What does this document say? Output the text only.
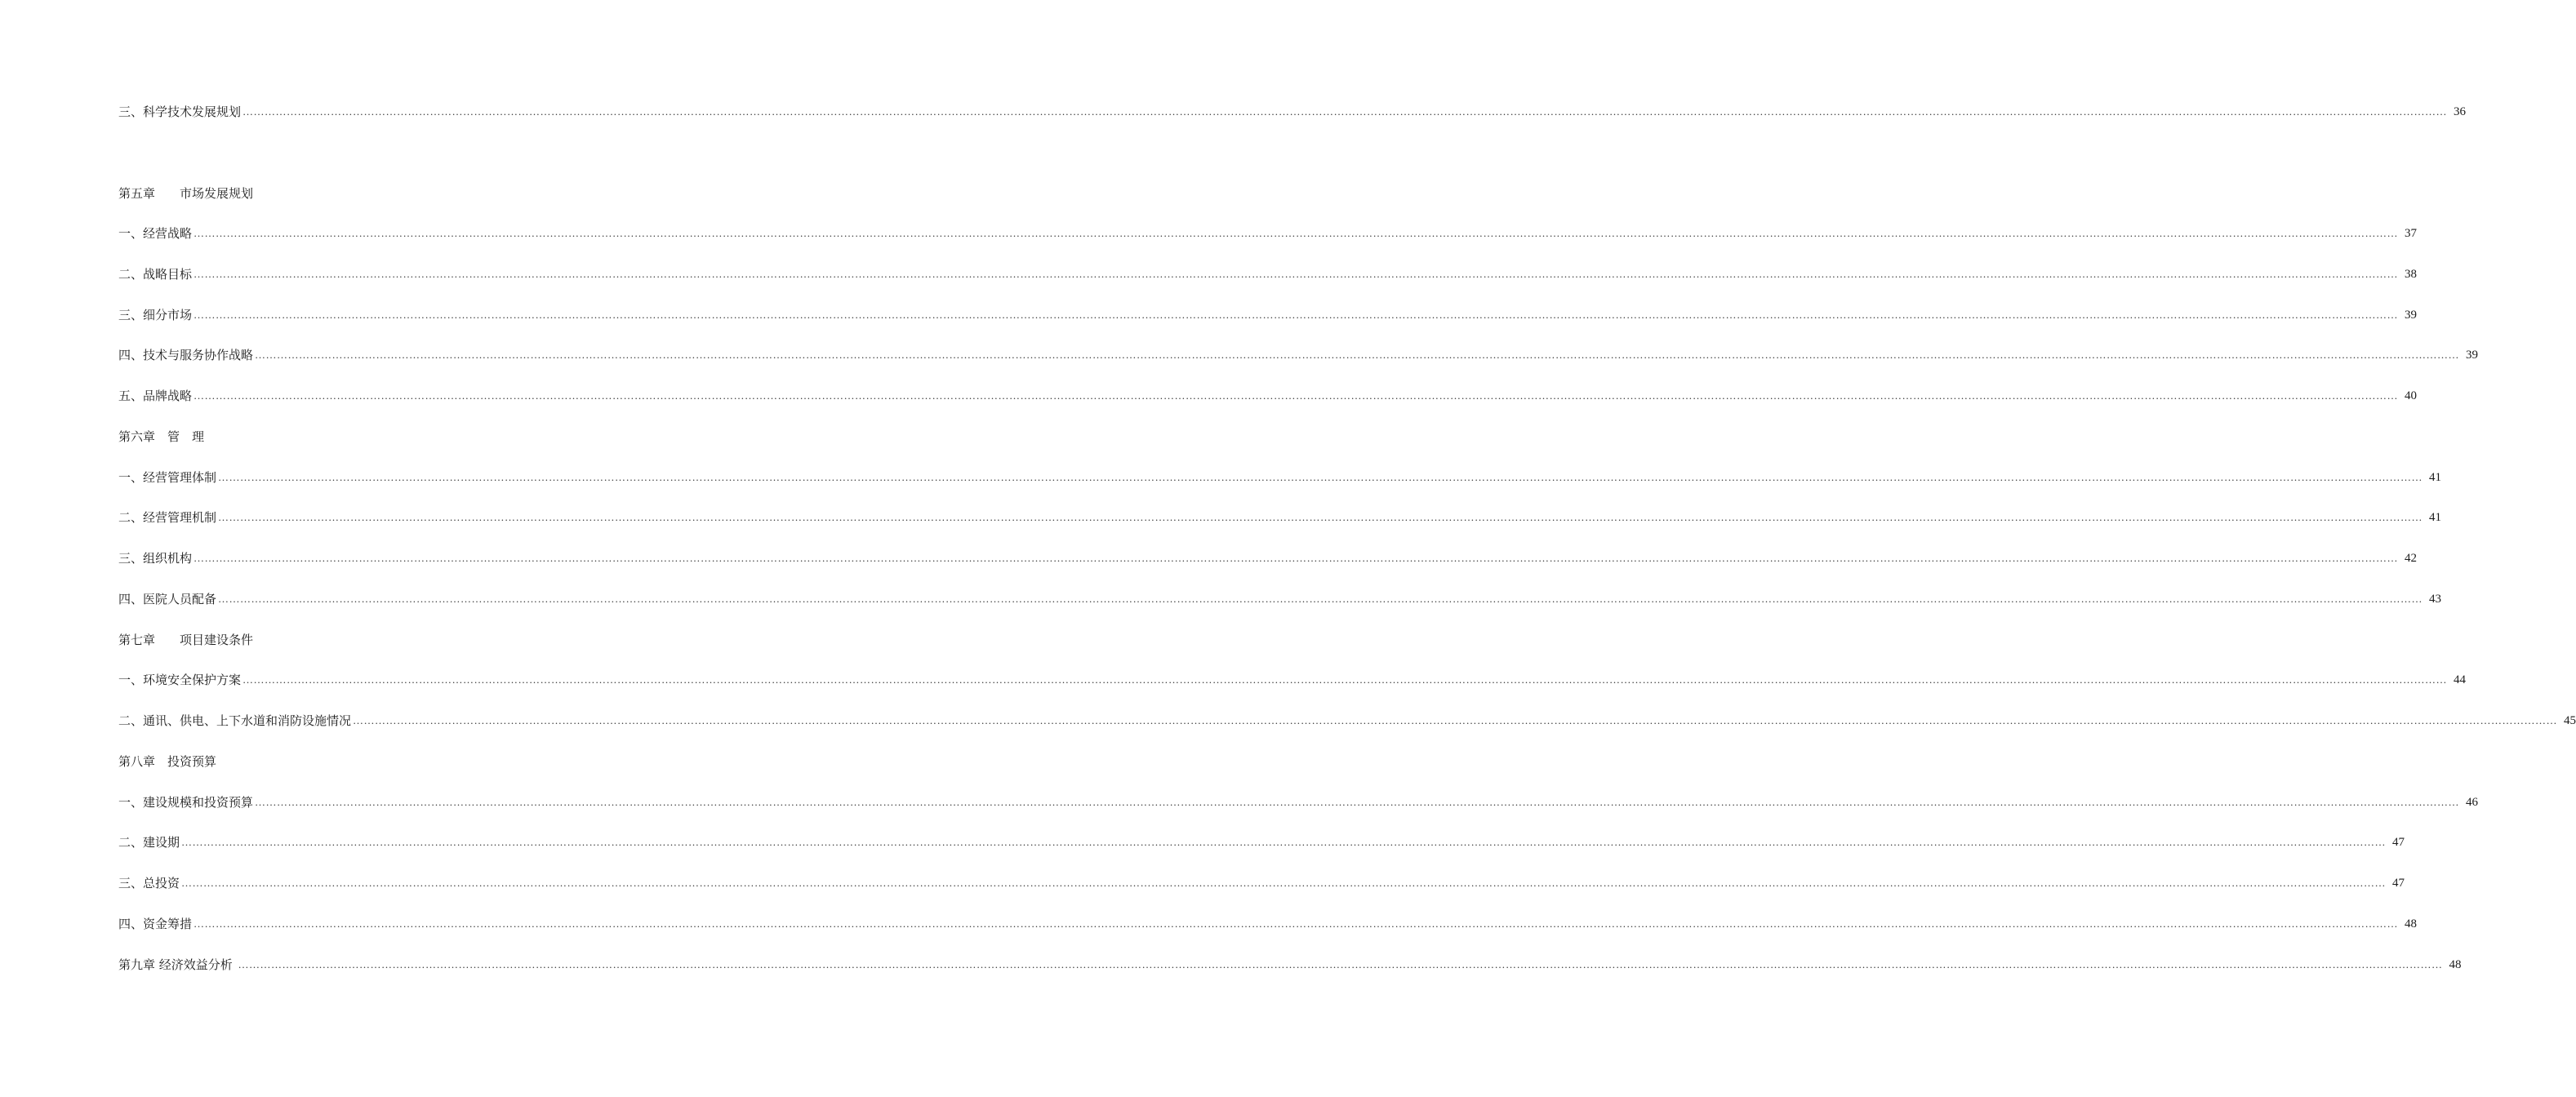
三、科学技术发展规划 …………………………………………………………………………………………………………………………………………………………………………………………………………………………………………………………………………………………………………………………………………………………………………………………………………………………………………………………………………………………………………………………………………………… 36
第五章　　市场发展规划
一、经营战略 …………………………………………………………………………………………………………………………………………………………………………………………………………………………………………………………………………………………………………………………………………………………………………………………………………………………………………………………………………………………………………………………………………………… 37
二、战略目标 …………………………………………………………………………………………………………………………………………………………………………………………………………………………………………………………………………………………………………………………………………………………………………………………………………………………………………………………………………………………………………………………………………………… 38
三、细分市场 …………………………………………………………………………………………………………………………………………………………………………………………………………………………………………………………………………………………………………………………………………………………………………………………………………………………………………………………………………………………………………………………………………………… 39
四、技术与服务协作战略 …………………………………………………………………………………………………………………………………………………………………………………………………………………………………………………………………………………………………………………………………………………………………………………………………………………………………………………………………………………………………………………………………………………… 39
五、品牌战略 …………………………………………………………………………………………………………………………………………………………………………………………………………………………………………………………………………………………………………………………………………………………………………………………………………………………………………………………………………………………………………………………………………………… 40
第六章　管　理
一、经营管理体制 …………………………………………………………………………………………………………………………………………………………………………………………………………………………………………………………………………………………………………………………………………………………………………………………………………………………………………………………………………………………………………………………………………………… 41
二、经营管理机制 …………………………………………………………………………………………………………………………………………………………………………………………………………………………………………………………………………………………………………………………………………………………………………………………………………………………………………………………………………………………………………………………………………………… 41
三、组织机构 …………………………………………………………………………………………………………………………………………………………………………………………………………………………………………………………………………………………………………………………………………………………………………………………………………………………………………………………………………………………………………………………………………………… 42
四、医院人员配备 …………………………………………………………………………………………………………………………………………………………………………………………………………………………………………………………………………………………………………………………………………………………………………………………………………………………………………………………………………………………………………………………………………………… 43
第七章　　项目建设条件
一、环境安全保护方案 …………………………………………………………………………………………………………………………………………………………………………………………………………………………………………………………………………………………………………………………………………………………………………………………………………………………………………………………………………………………………………………………………………………… 44
二、通讯、供电、上下水道和消防设施情况 …………………………………………………………………………………………………………………………………………………………………………………………………………………………………………………………………………………………………………………………………………………………………………………………………………………………………………………………………………………………………………………………………………………… 45
第八章　投资预算
一、建设规模和投资预算 …………………………………………………………………………………………………………………………………………………………………………………………………………………………………………………………………………………………………………………………………………………………………………………………………………………………………………………………………………………………………………………………………………………… 46
二、建设期 …………………………………………………………………………………………………………………………………………………………………………………………………………………………………………………………………………………………………………………………………………………………………………………………………………………………………………………………………………………………………………………………………………………… 47
三、总投资 …………………………………………………………………………………………………………………………………………………………………………………………………………………………………………………………………………………………………………………………………………………………………………………………………………………………………………………………………………………………………………………………………………………… 47
四、资金筹措 …………………………………………………………………………………………………………………………………………………………………………………………………………………………………………………………………………………………………………………………………………………………………………………………………………………………………………………………………………………………………………………………………………………… 48
第九章 经济效益分析 …………………………………………………………………………………………………………………………………………………………………………………………………………………………………………………………………………………………………………………………………………………………………………………………………………………………………………………………………………………………………………………………………………………… 48
